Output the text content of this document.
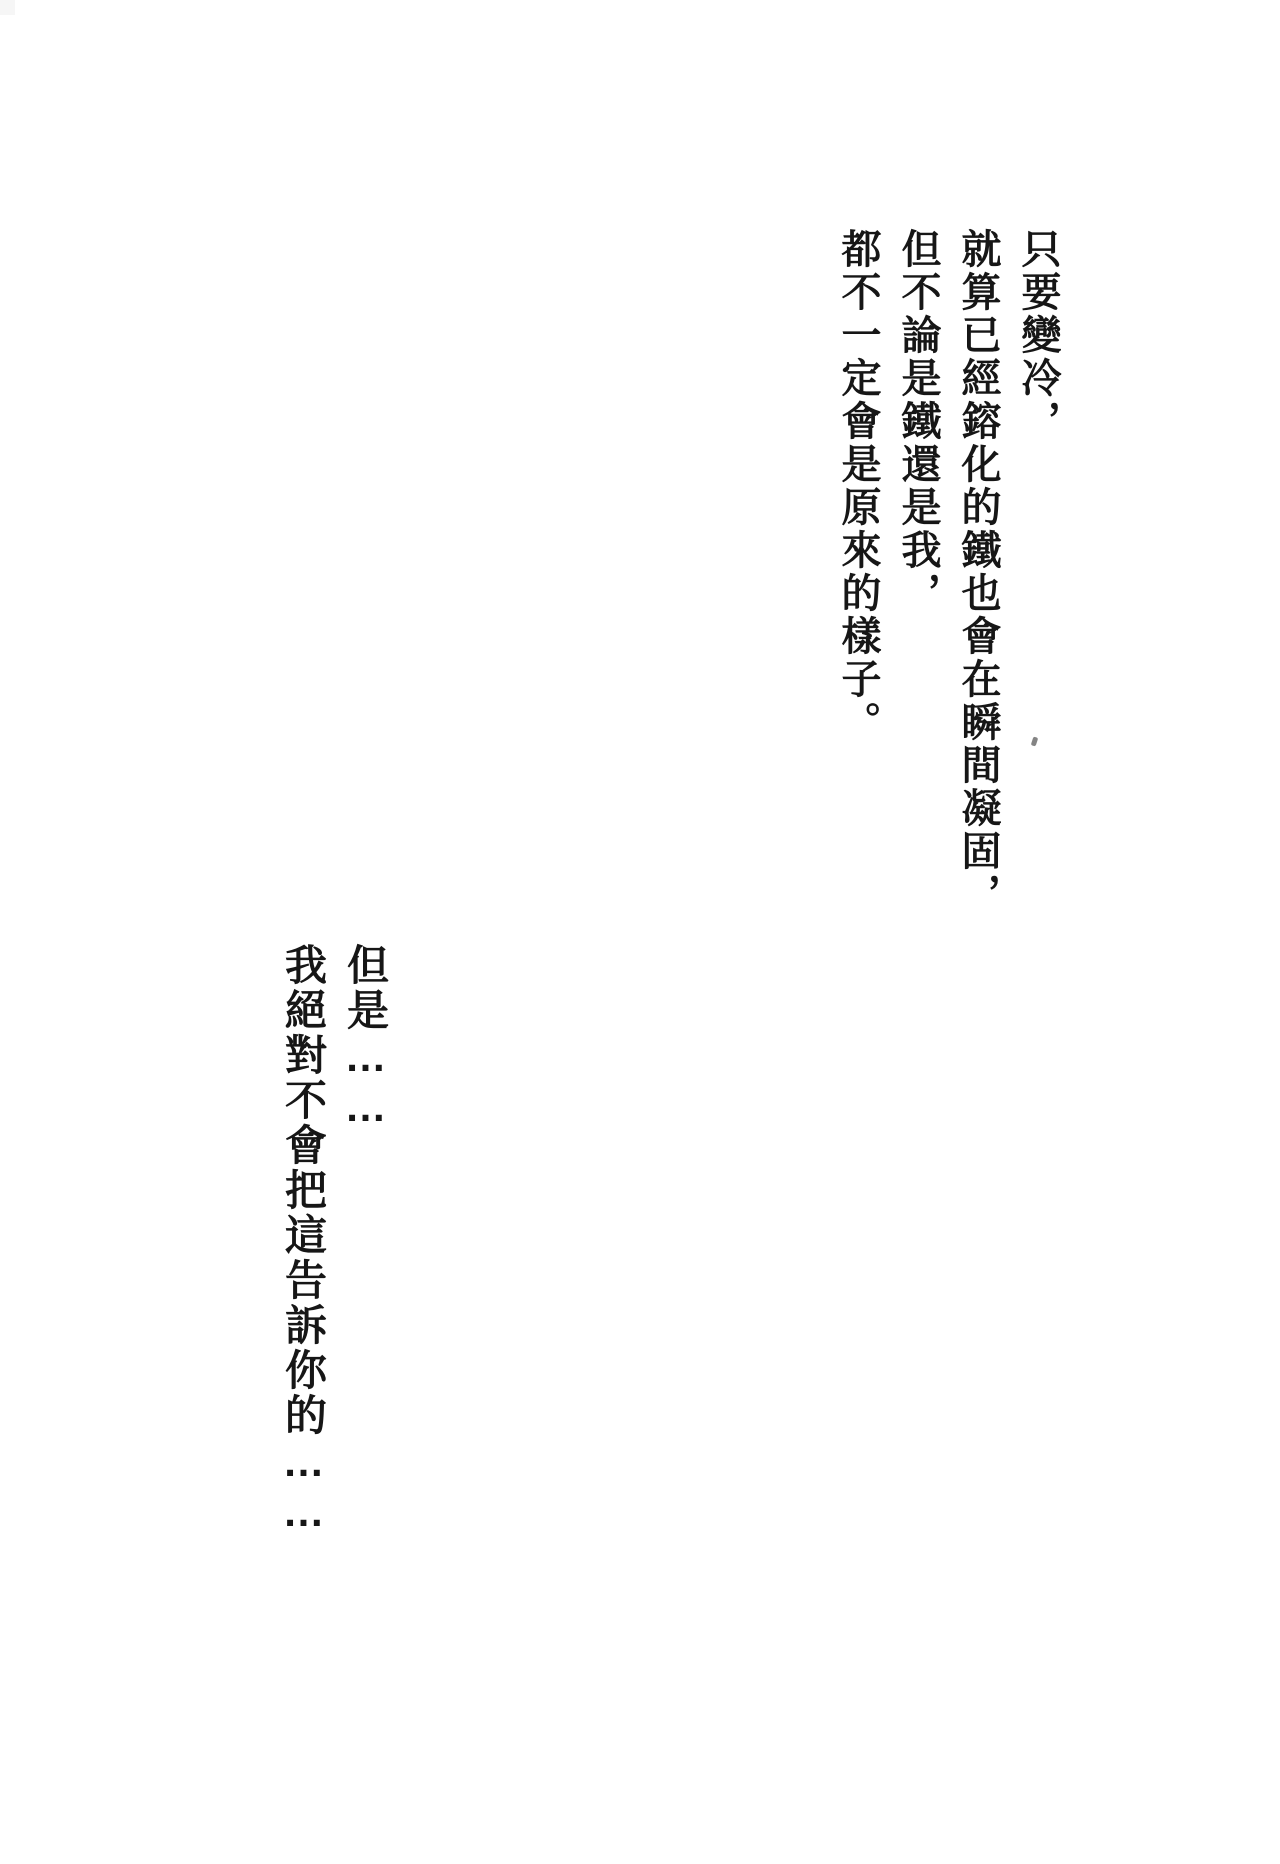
只要變冷，
就算已經鎔化的鐵也會在瞬間凝固，
但不論是鐵還是我，
都不一定會是原來的樣子。
但是……
我絕對不會把這告訴你的……
